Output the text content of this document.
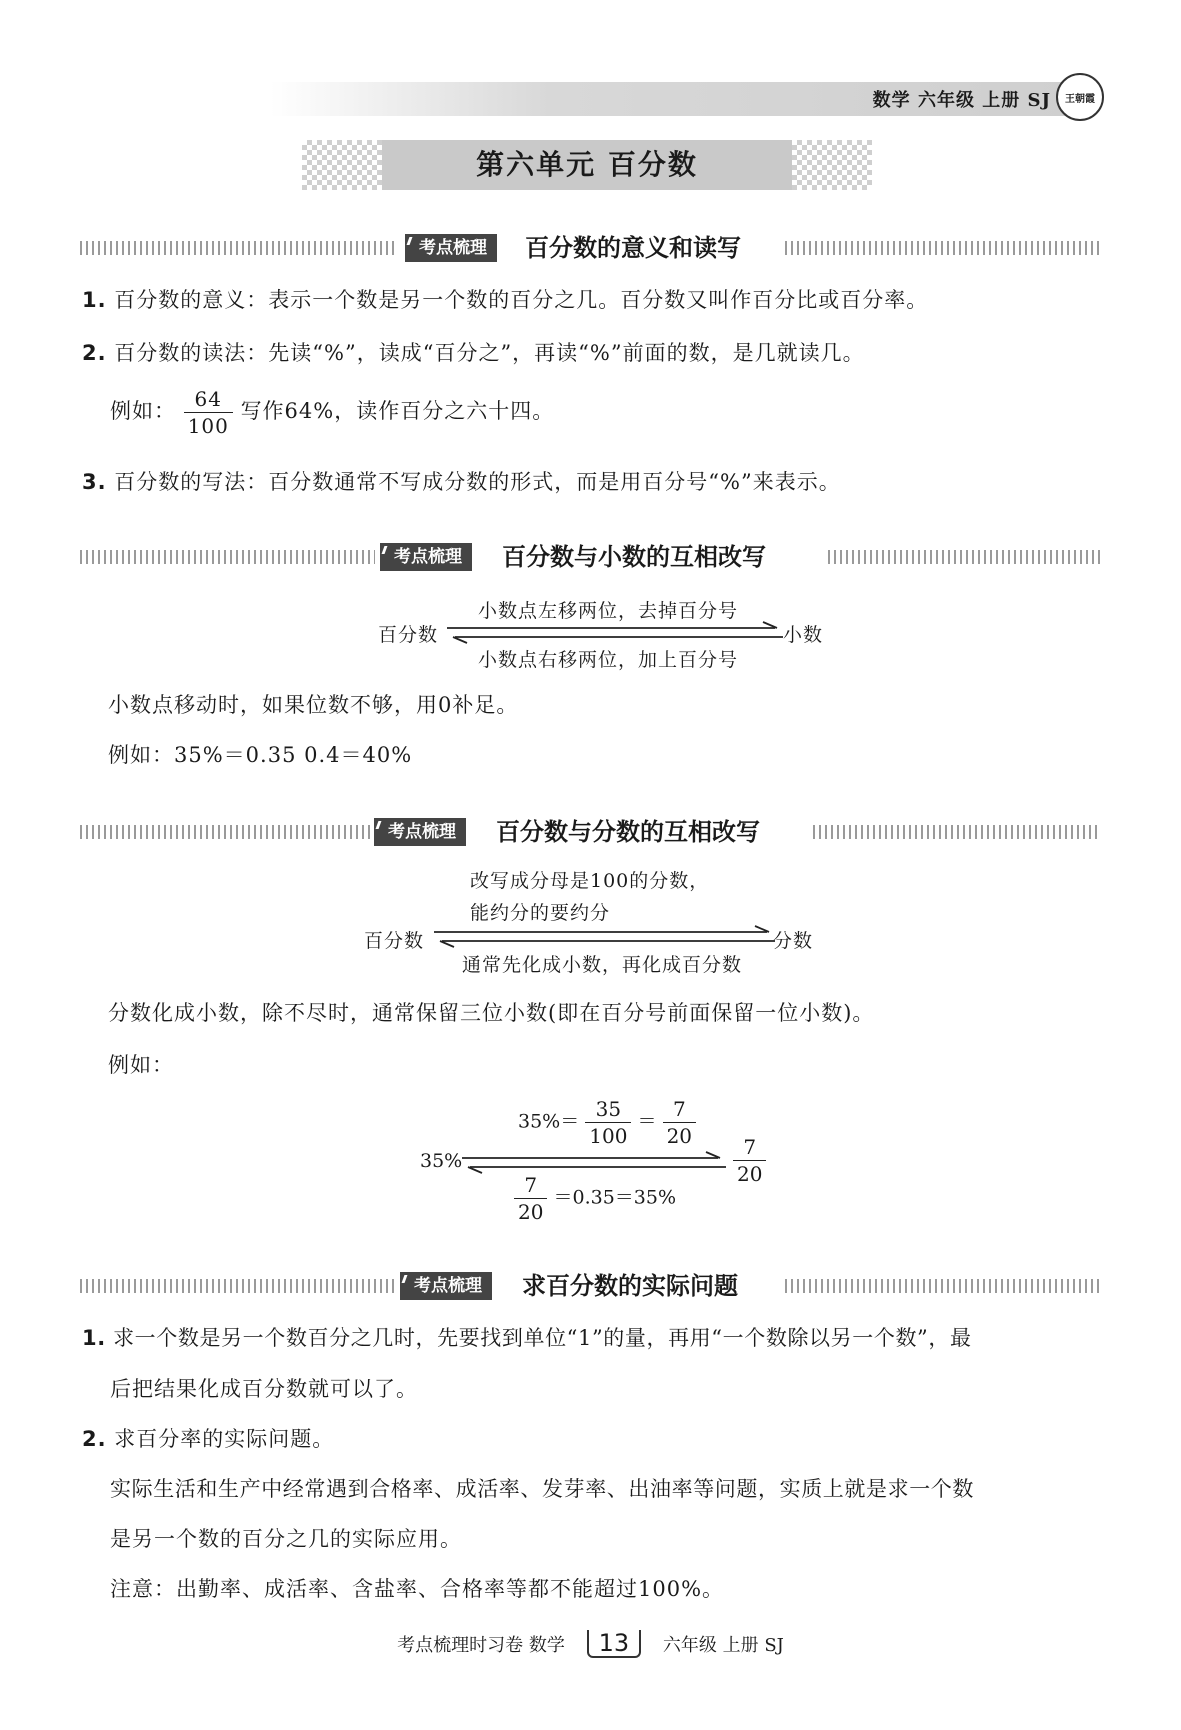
数学 六年级 上册 SJ 王朝霞
第六单元 百分数
考点梳理	百分数的意义和读写
1. 百分数的意义：表示一个数是另一个数的百分之几。百分数又叫作百分比或百分率。
2. 百分数的读法：先读“%”，读成“百分之”，再读“%”前面的数，是几就读几。
例如： $\frac{64}{100}$ 写作64%，读作百分之六十四。
3. 百分数的写法：百分数通常不写成分数的形式，而是用百分号“%”来表示。
考点梳理	百分数与小数的互相改写
百分数	小数
小数点左移两位，去掉百分号
小数点右移两位，加上百分号
小数点移动时，如果位数不够，用0补足。
例如：35%＝0.35 0.4＝40%
考点梳理	百分数与分数的互相改写
改写成分母是100的分数，
能约分的要约分
百分数	分数
通常先化成小数，再化成百分数
分数化成小数，除不尽时，通常保留三位小数(即在百分号前面保留一位小数)。
例如：
35%
$35\%= \frac{35}{100} = \frac{7}{20}$
$\frac{7}{20}$
$\frac{7}{20} =0.35=35\%$
考点梳理	求百分数的实际问题
1. 求一个数是另一个数百分之几时，先要找到单位“1”的量，再用“一个数除以另一个数”，最
后把结果化成百分数就可以了。
2. 求百分率的实际问题。
实际生活和生产中经常遇到合格率、成活率、发芽率、出油率等问题，实质上就是求一个数
是另一个数的百分之几的实际应用。
注意：出勤率、成活率、含盐率、合格率等都不能超过100%。
考点梳理时习卷 数学 13 六年级 上册 SJ
